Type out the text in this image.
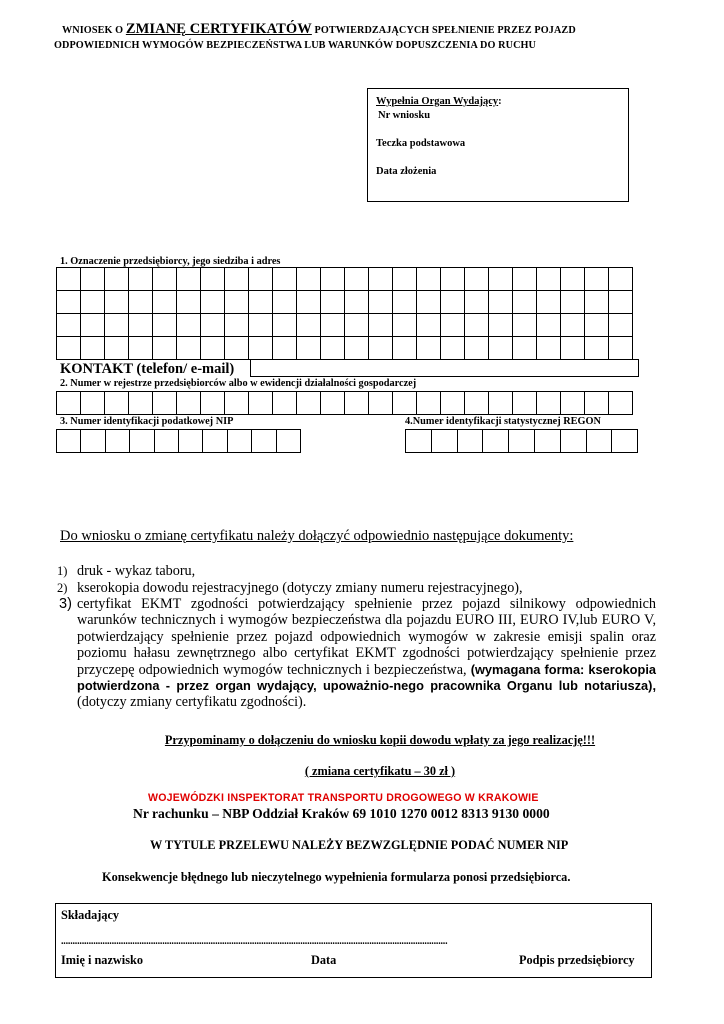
WNIOSEK O ZMIANĘ CERTYFIKATÓW POTWIERDZAJĄCYCH SPEŁNIENIE PRZEZ POJAZD
ODPOWIEDNICH WYMOGÓW BEZPIECZEŃSTWA LUB WARUNKÓW DOPUSZCZENIA DO RUCHU
Wypełnia Organ Wydający:
Nr wniosku
Teczka podstawowa
Data złożenia
1. Oznaczenie przedsiębiorcy, jego siedziba i adres
KONTAKT (telefon/ e-mail)
2. Numer w rejestrze przedsiębiorców albo w ewidencji działalności gospodarczej
3. Numer identyfikacji podatkowej NIP	4.Numer identyfikacji statystycznej REGON
Do wniosku o zmianę certyfikatu należy dołączyć odpowiednio następujące dokumenty:
1) druk - wykaz taboru,
2) kserokopia dowodu rejestracyjnego (dotyczy zmiany numeru rejestracyjnego),
3) certyfikat EKMT zgodności potwierdzający spełnienie przez pojazd silnikowy odpowiednich warunków technicznych i wymogów bezpieczeństwa dla pojazdu EURO III, EURO IV,lub EURO V, potwierdzający spełnienie przez pojazd odpowiednich wymogów w zakresie emisji spalin oraz poziomu hałasu zewnętrznego albo certyfikat EKMT zgodności potwierdzający spełnienie przez przyczepę odpowiednich wymogów technicznych i bezpieczeństwa, (wymagana forma: kserokopia potwierdzona - przez organ wydający, upoważnio-nego pracownika Organu lub notariusza), (dotyczy zmiany certyfikatu zgodności).
Przypominamy o dołączeniu do wniosku kopii dowodu wpłaty za jego realizację!!!
( zmiana certyfikatu – 30 zł )
WOJEWÓDZKI INSPEKTORAT TRANSPORTU DROGOWEGO W KRAKOWIE
Nr rachunku – NBP Oddział Kraków 69 1010 1270 0012 8313 9130 0000
W TYTULE PRZELEWU NALEŻY BEZWZGLĘDNIE PODAĆ NUMER NIP
Konsekwencje błędnego lub nieczytelnego wypełnienia formularza ponosi przedsiębiorca.
Składający
........................................................................................................................................................................
Imię i nazwisko	Data	Podpis przedsiębiorcy
